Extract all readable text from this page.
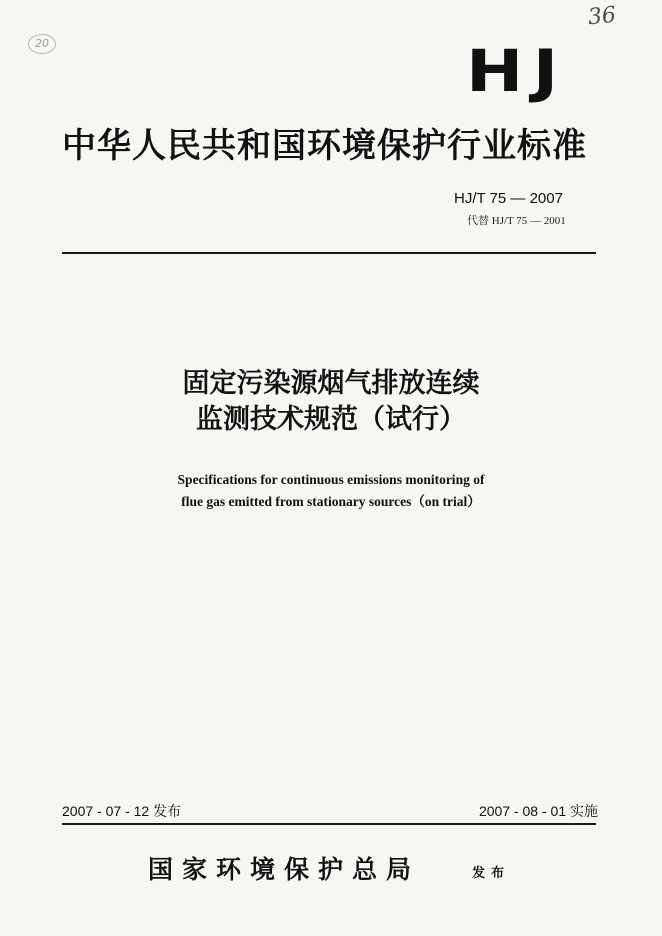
36
20	HJ
中华人民共和国环境保护行业标准
HJ/T 75 — 2007
代替 HJ/T 75 — 2001
固定污染源烟气排放连续
监测技术规范（试行）
Specifications for continuous emissions monitoring of
flue gas emitted from stationary sources（on trial）
2007 - 07 - 12 发布	2007 - 08 - 01 实施
国家环境保护总局	发布
